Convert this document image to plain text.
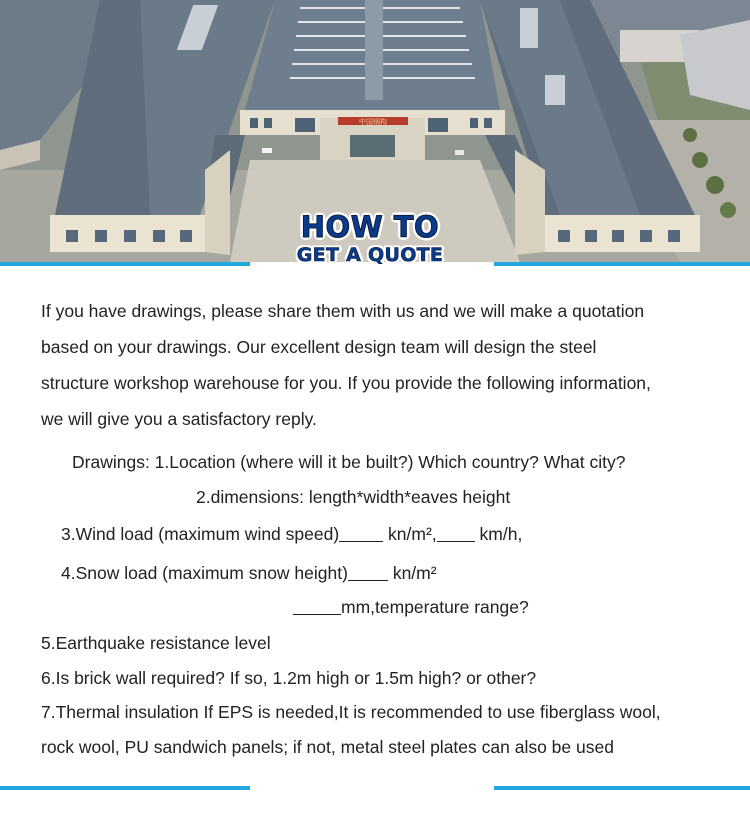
中国钢构
HOW TO
GET A QUOTE
If you have drawings, please share them with us and we will make a quotation
based on your drawings. Our excellent design team will design the steel
structure workshop warehouse for you. If you provide the following information,
we will give you a satisfactory reply.
Drawings: 1.Location (where will it be built?) Which country? What city?
2.dimensions: length*width*eaves height
3.Wind load (maximum wind speed)	kn/m², km/h,
4.Snow load (maximum snow height)	kn/m²
mm,temperature range?
5.Earthquake resistance level
6.Is brick wall required? If so, 1.2m high or 1.5m high? or other?
7.Thermal insulation If EPS is needed,It is recommended to use fiberglass wool,
rock wool, PU sandwich panels; if not, metal steel plates can also be used
